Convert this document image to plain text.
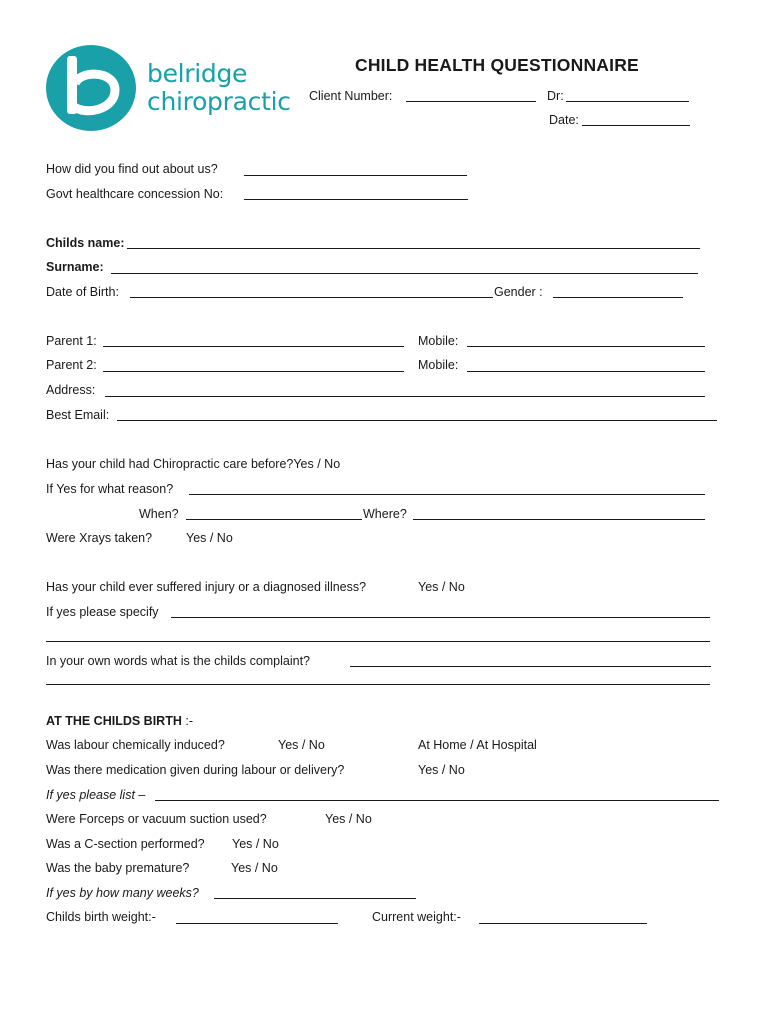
belridge
chiropractic
CHILD HEALTH QUESTIONNAIRE
Client Number:	Dr:
Date:
How did you find out about us?
Govt healthcare concession No:
Childs name:
Surname:
Date of Birth:	Gender :
Parent 1:	Mobile:
Parent 2:	Mobile:
Address:
Best Email:
Has your child had Chiropractic care before?Yes / No
If Yes for what reason?
When?	Where?
Were Xrays taken?	Yes / No
Has your child ever suffered injury or a diagnosed illness?	Yes / No
If yes please specify
In your own words what is the childs complaint?
AT THE CHILDS BIRTH :-
Was labour chemically induced?	Yes / No	At Home / At Hospital
Was there medication given during labour or delivery?	Yes / No
If yes please list –
Were Forceps or vacuum suction used?	Yes / No
Was a C-section performed? Yes / No
Was the baby premature?	Yes / No
If yes by how many weeks?
Childs birth weight:-	Current weight:-
